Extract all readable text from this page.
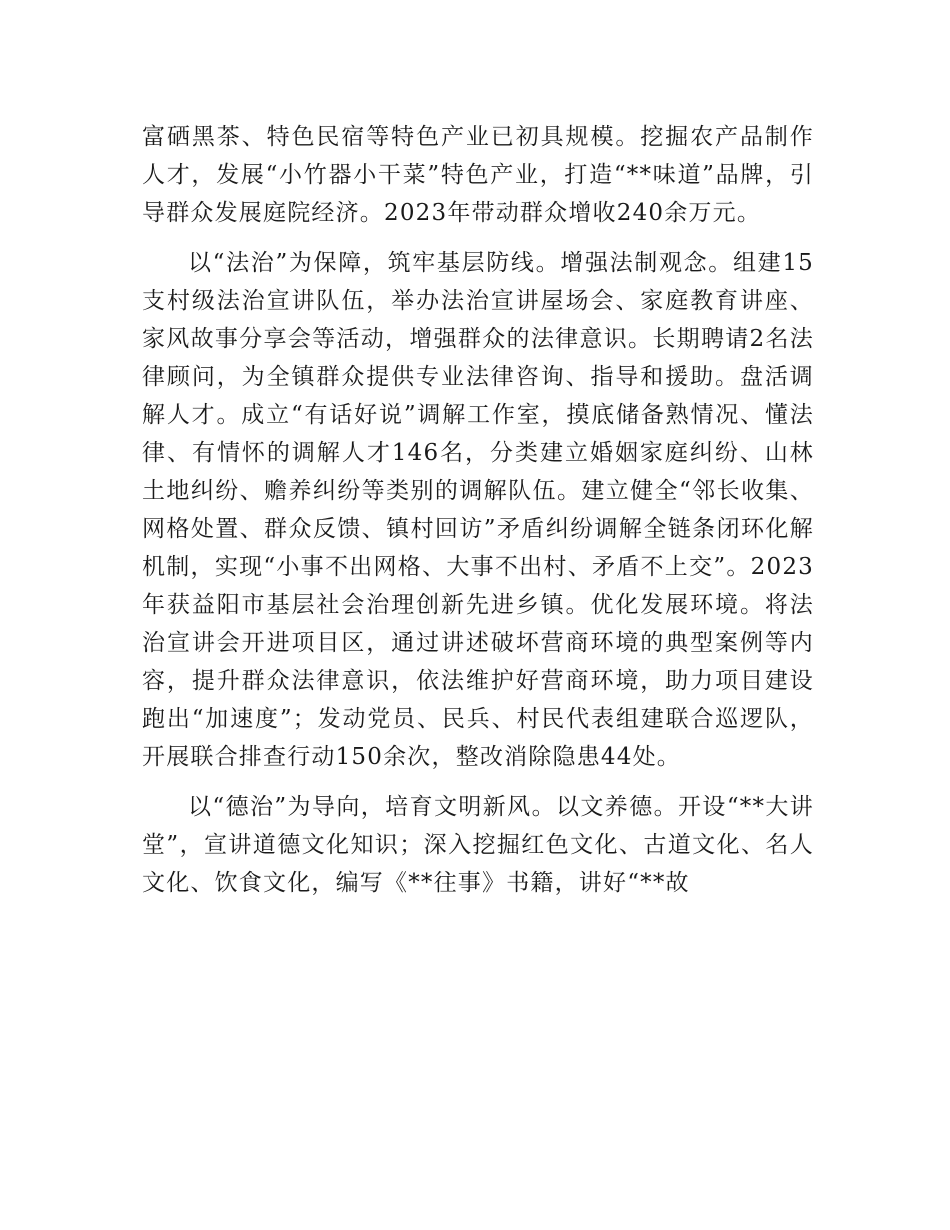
富硒黑茶、特色民宿等特色产业已初具规模。挖掘农产品制作人才，发展“小竹器小干菜”特色产业，打造“**味道”品牌，引导群众发展庭院经济。2023年带动群众增收240余万元。

以“法治”为保障，筑牢基层防线。增强法制观念。组建15支村级法治宣讲队伍，举办法治宣讲屋场会、家庭教育讲座、家风故事分享会等活动，增强群众的法律意识。长期聘请2名法律顾问，为全镇群众提供专业法律咨询、指导和援助。盘活调解人才。成立“有话好说”调解工作室，摸底储备熟情况、懂法律、有情怀的调解人才146名，分类建立婚姻家庭纠纷、山林土地纠纷、赡养纠纷等类别的调解队伍。建立健全“邻长收集、网格处置、群众反馈、镇村回访”矛盾纠纷调解全链条闭环化解机制，实现“小事不出网格、大事不出村、矛盾不上交”。2023年获益阳市基层社会治理创新先进乡镇。优化发展环境。将法治宣讲会开进项目区，通过讲述破坏营商环境的典型案例等内容，提升群众法律意识，依法维护好营商环境，助力项目建设跑出“加速度”；发动党员、民兵、村民代表组建联合巡逻队，开展联合排查行动150余次，整改消除隐患44处。

以“德治”为导向，培育文明新风。以文养德。开设“**大讲堂”，宣讲道德文化知识；深入挖掘红色文化、古道文化、名人文化、饮食文化，编写《**往事》书籍，讲好“**故
